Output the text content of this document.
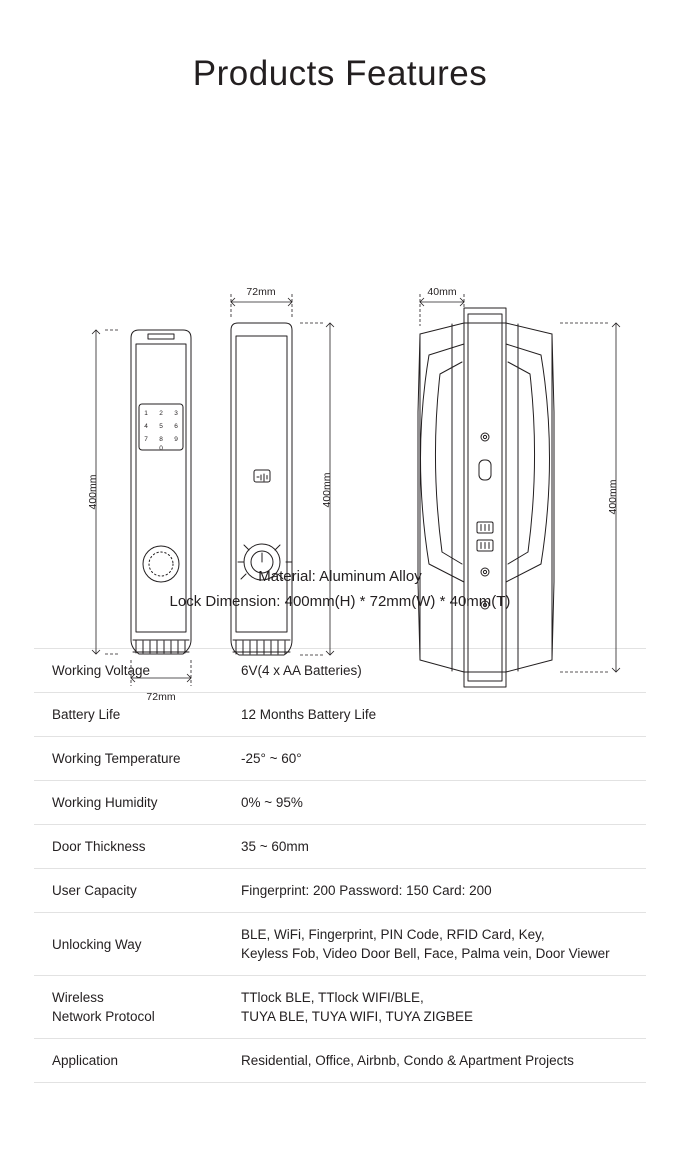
Products Features
1 2 3
4 5 6
7 8 9
0
400mm
72mm
72mm
400mm
40mm
400mm
Material: Aluminum Alloy
Lock Dimension: 400mm(H) * 72mm(W) * 40mm(T)
Working Voltage	6V(4 x AA Batteries)

Battery Life	12 Months Battery Life

Working Temperature	-25° ~ 60°

Working Humidity	0% ~ 95%

Door Thickness	35 ~ 60mm

User Capacity	Fingerprint: 200 Password: 150 Card: 200

Unlocking Way	BLE, WiFi, Fingerprint, PIN Code, RFID Card, Key,
Keyless Fob, Video Door Bell, Face, Palma vein, Door Viewer

Wireless
Network Protocol	TTlock BLE, TTlock WIFI/BLE,
TUYA BLE, TUYA WIFI, TUYA ZIGBEE

Application	Residential, Office, Airbnb, Condo & Apartment Projects
